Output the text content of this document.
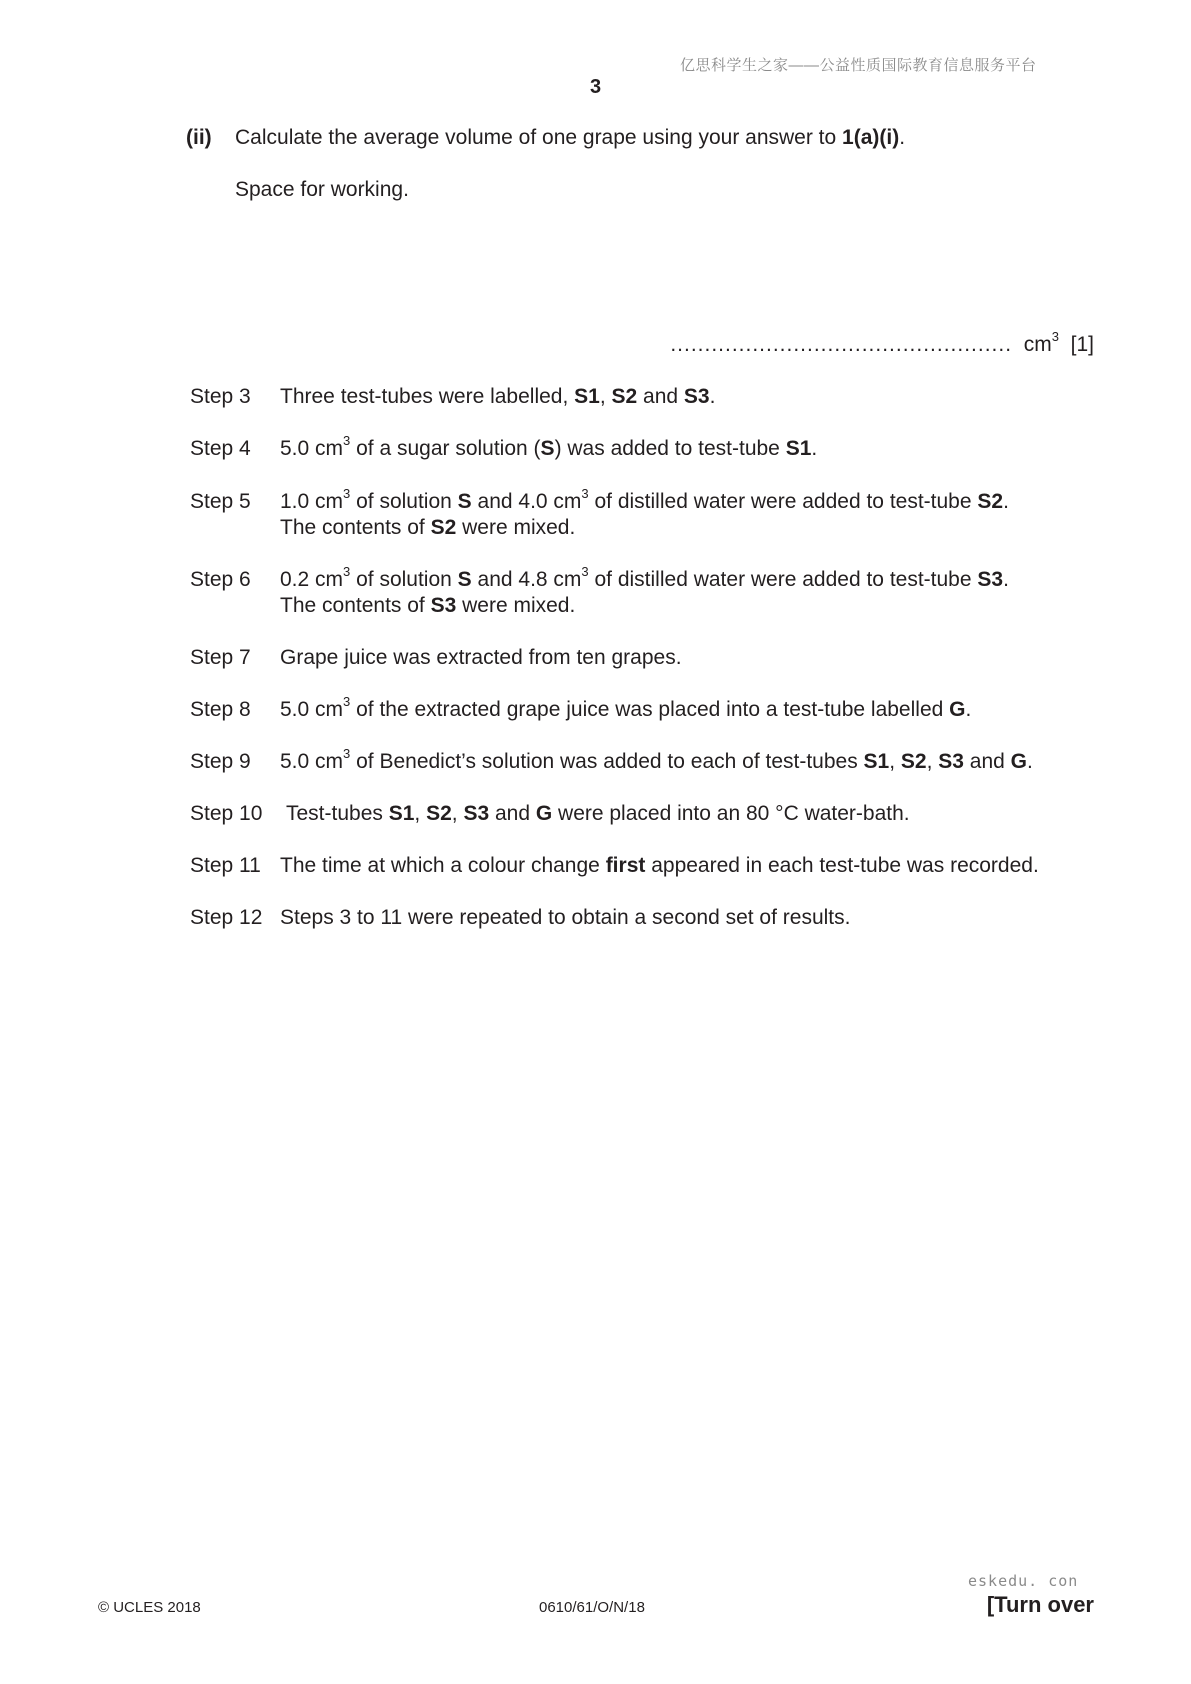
亿思科学生之家——公益性质国际教育信息服务平台
3
(ii) Calculate the average volume of one grape using your answer to 1(a)(i).
Space for working.
.................................................. $cm^3$ [1]
Step 3	Three test-tubes were labelled, S1, S2 and S3.
Step 4	5.0 $cm^3$ of a sugar solution (S) was added to test-tube S1.
Step 5	1.0 $cm^3$ of solution S and 4.0 $cm^3$ of distilled water were added to test-tube S2.
The contents of S2 were mixed.
Step 6	0.2 $cm^3$ of solution S and 4.8 $cm^3$ of distilled water were added to test-tube S3.
The contents of S3 were mixed.
Step 7	Grape juice was extracted from ten grapes.
Step 8	5.0 $cm^3$ of the extracted grape juice was placed into a test-tube labelled G.
Step 9	5.0 $cm^3$ of Benedict’s solution was added to each of test-tubes S1, S2, S3 and G.
Step 10	Test-tubes S1, S2, S3 and G were placed into an 80 °C water-bath.
Step 11 The time at which a colour change first appeared in each test-tube was recorded.
Step 12 Steps 3 to 11 were repeated to obtain a second set of results.
© UCLES 2018	0610/61/O/N/18
eskedu. con
[Turn over
